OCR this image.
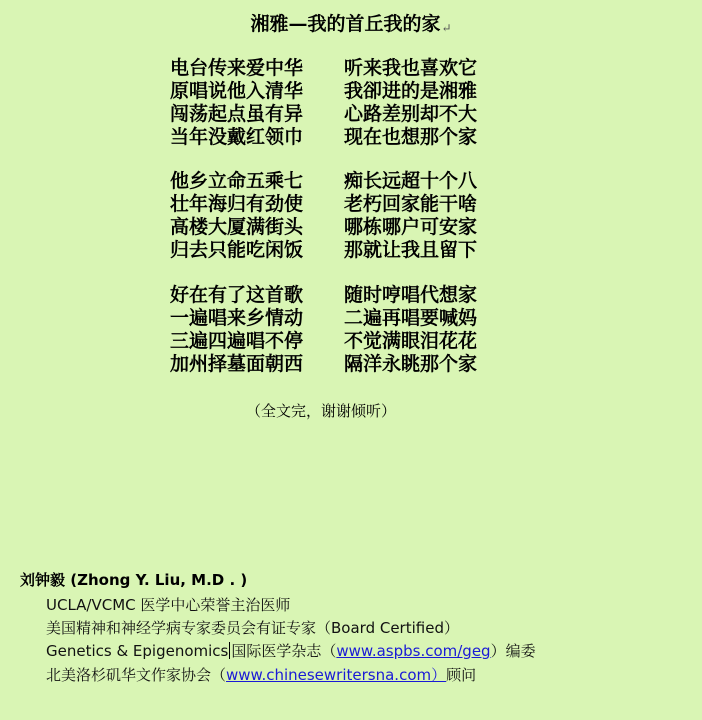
湘雅—我的首丘我的家↵
电台传来爱中华 听来我也喜欢它
原唱说他入清华 我卻进的是湘雅
闯荡起点虽有异 心路差别却不大
当年没戴红领巾 现在也想那个家
他乡立命五乘七 痴长远超十个八
壮年海归有劲使 老朽回家能干啥
高楼大厦满街头 哪栋哪户可安家
归去只能吃闲饭 那就让我且留下
好在有了这首歌 随时哼唱代想家
一遍唱来乡情动 二遍再唱要喊妈
三遍四遍唱不停 不觉满眼泪花花
加州择墓面朝西 隔洋永眺那个家
（全文完，谢谢倾听）
刘钟毅 (Zhong Y. Liu, M.D . )
UCLA/VCMC 医学中心荣誉主治医师
美国精神和神经学病专家委员会有证专家（Board Certified）
Genetics & Epigenomics 国际医学杂志（www.aspbs.com/geg）编委
北美洛杉矶华文作家协会（www.chinesewritersna.com）顾问
